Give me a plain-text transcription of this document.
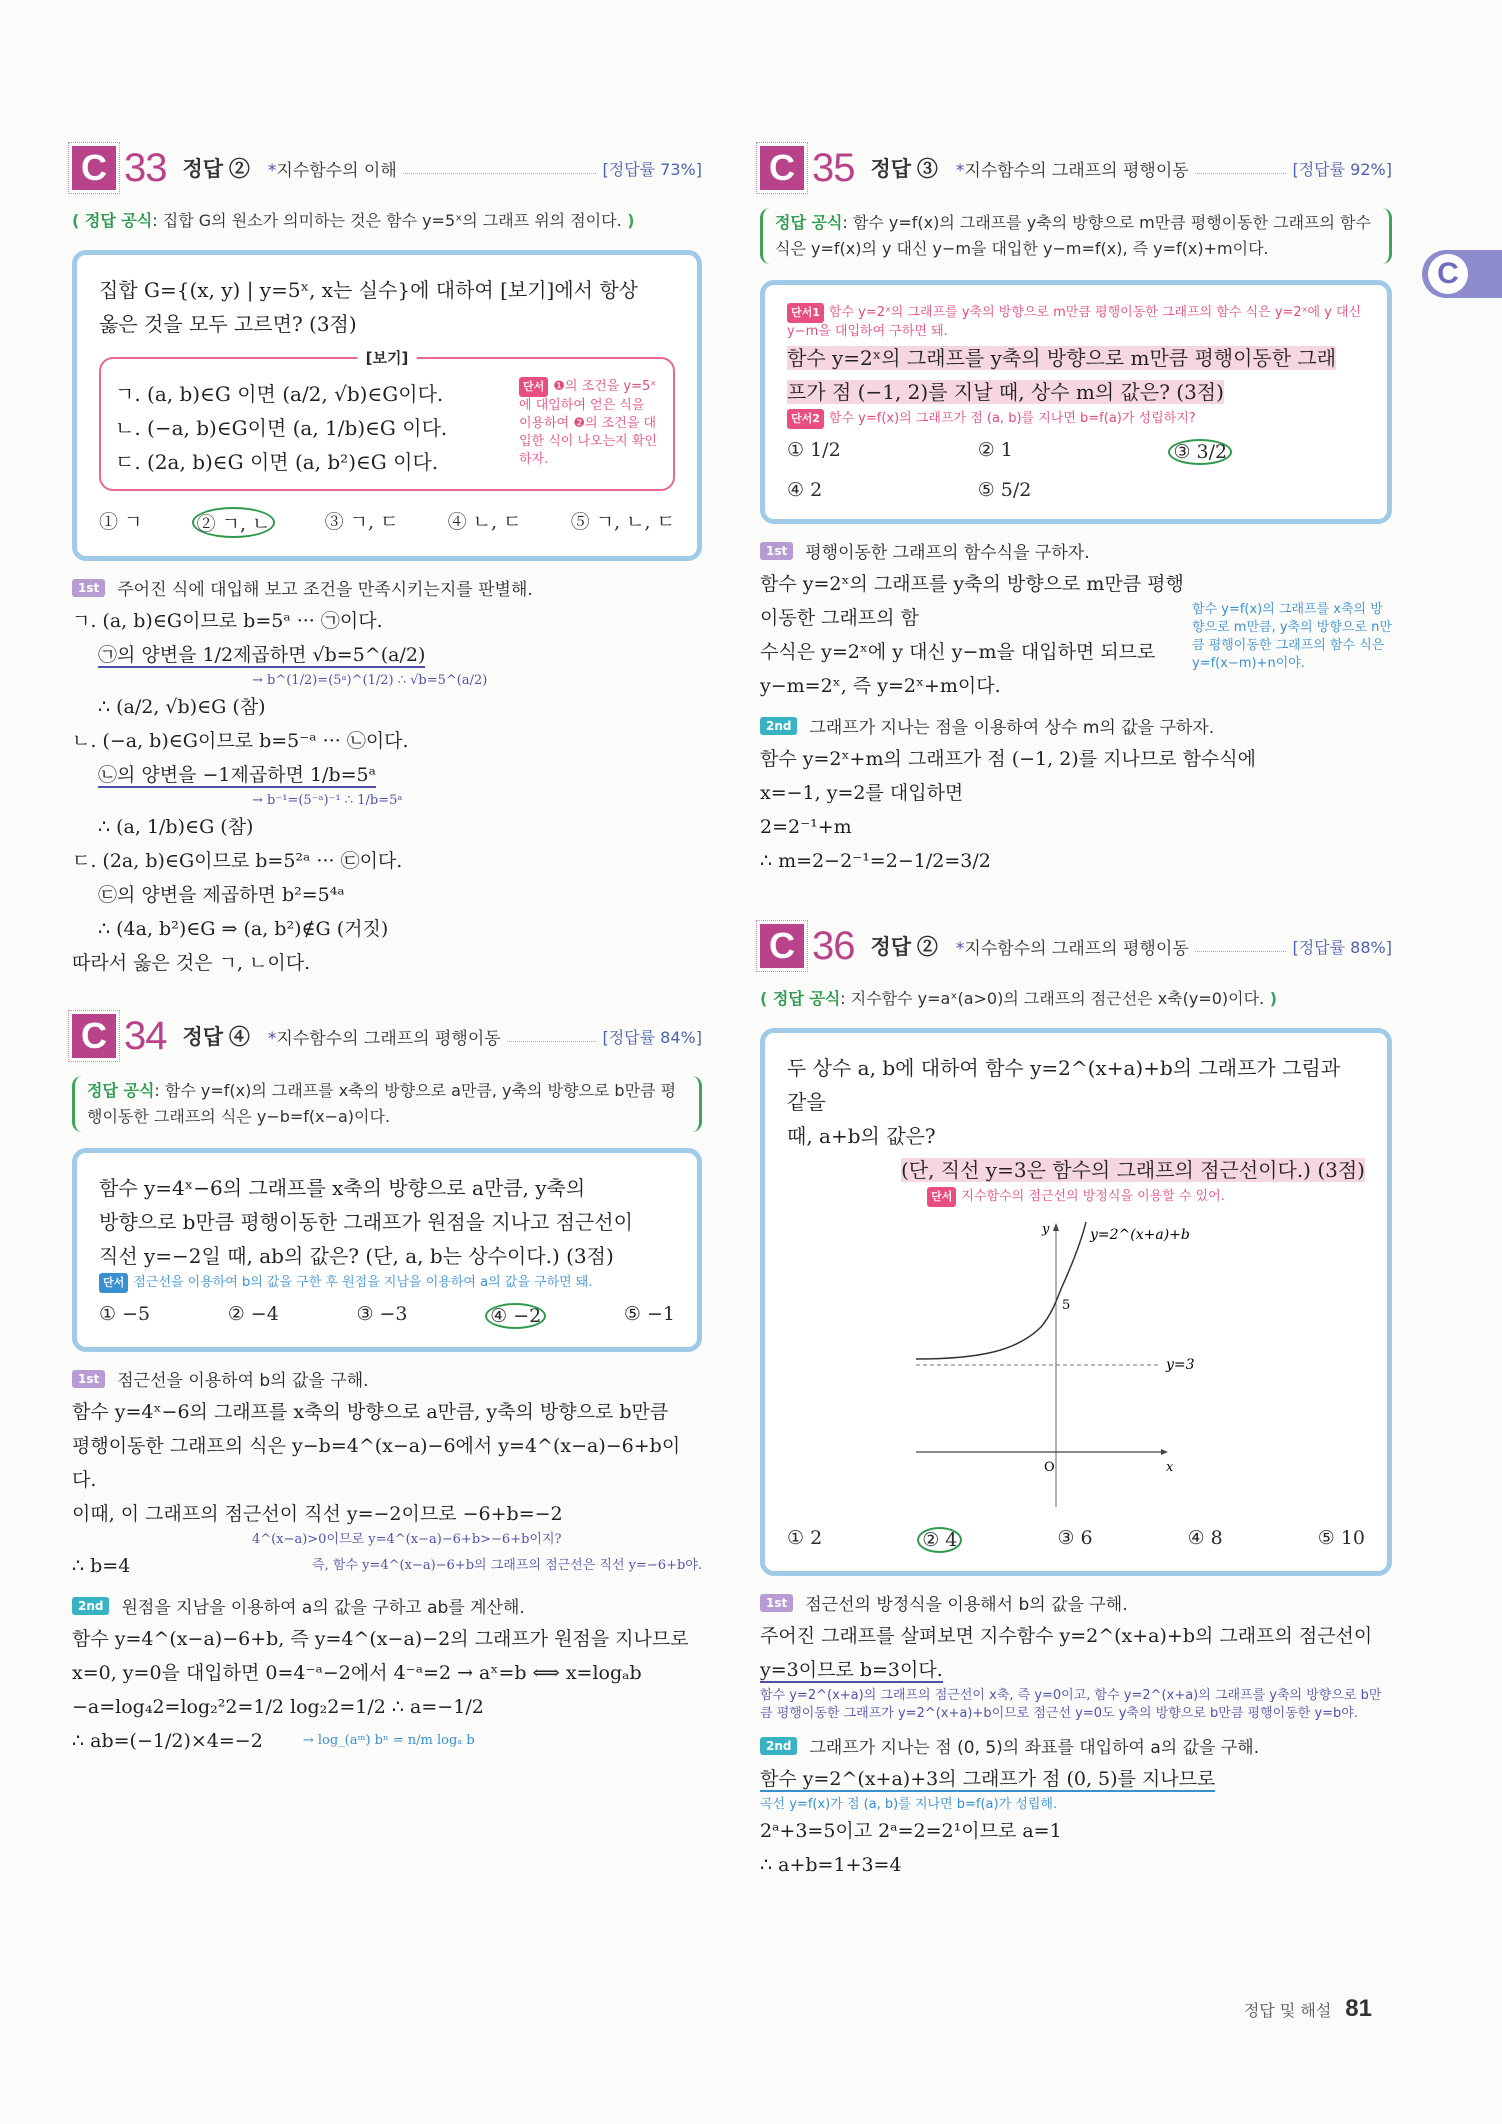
C
C 33 정답 ② *지수함수의 이해	[정답률 73%]
( 정답 공식: 집합 G의 원소가 의미하는 것은 함수 y=5ˣ의 그래프 위의 점이다. )
집합 G={(x, y) | y=5ˣ, x는 실수}에 대하여 [보기]에서 항상
옳은 것을 모두 고르면? (3점)
[보기]
ㄱ. (a, b)∈G 이면 (a/2, √b)∈G이다.
ㄴ. (−a, b)∈G이면 (a, 1/b)∈G 이다.
ㄷ. (2a, b)∈G 이면 (a, b²)∈G 이다.
단서 ❶의 조건을 y=5ˣ에 대입하여 얻은 식을 이용하여 ❷의 조건을 대입한 식이 나오는지 확인하자.
① ㄱ	② ㄱ, ㄴ	③ ㄱ, ㄷ	④ ㄴ, ㄷ	⑤ ㄱ, ㄴ, ㄷ
1st	주어진 식에 대입해 보고 조건을 만족시키는지를 판별해.
ㄱ. (a, b)∈G이므로 b=5ᵃ ··· ㉠이다.
㉠의 양변을 1/2제곱하면 √b=5^(a/2)
→ b^(1/2)=(5ᵃ)^(1/2) ∴ √b=5^(a/2)
∴ (a/2, √b)∈G (참)
ㄴ. (−a, b)∈G이므로 b=5⁻ᵃ ··· ㉡이다.
㉡의 양변을 −1제곱하면 1/b=5ᵃ
→ b⁻¹=(5⁻ᵃ)⁻¹ ∴ 1/b=5ᵃ
∴ (a, 1/b)∈G (참)
ㄷ. (2a, b)∈G이므로 b=5²ᵃ ··· ㉢이다.
㉢의 양변을 제곱하면 b²=5⁴ᵃ
∴ (4a, b²)∈G ⇒ (a, b²)∉G (거짓)
따라서 옳은 것은 ㄱ, ㄴ이다.
C 34 정답 ④ *지수함수의 그래프의 평행이동	[정답률 84%]
정답 공식: 함수 y=f(x)의 그래프를 x축의 방향으로 a만큼, y축의 방향으로 b만큼 평행이동한 그래프의 식은 y−b=f(x−a)이다.
함수 y=4ˣ−6의 그래프를 x축의 방향으로 a만큼, y축의
방향으로 b만큼 평행이동한 그래프가 원점을 지나고 점근선이
직선 y=−2일 때, ab의 값은? (단, a, b는 상수이다.) (3점)
단서 점근선을 이용하여 b의 값을 구한 후 원점을 지남을 이용하여 a의 값을 구하면 돼.
① −5	② −4	③ −3	④ −2	⑤ −1
1st	점근선을 이용하여 b의 값을 구해.
함수 y=4ˣ−6의 그래프를 x축의 방향으로 a만큼, y축의 방향으로 b만큼
평행이동한 그래프의 식은 y−b=4^(x−a)−6에서 y=4^(x−a)−6+b이다.
이때, 이 그래프의 점근선이 직선 y=−2이므로 −6+b=−2
4^(x−a)>0이므로 y=4^(x−a)−6+b>−6+b이지?
∴ b=4	즉, 함수 y=4^(x−a)−6+b의 그래프의 점근선은 직선 y=−6+b야.
2nd	원점을 지남을 이용하여 a의 값을 구하고 ab를 계산해.
함수 y=4^(x−a)−6+b, 즉 y=4^(x−a)−2의 그래프가 원점을 지나므로
x=0, y=0을 대입하면 0=4⁻ᵃ−2에서 4⁻ᵃ=2 → aˣ=b ⟺ x=logₐb
−a=log₄2=log₂²2=1/2 log₂2=1/2 ∴ a=−1/2
∴ ab=(−1/2)×4=−2	→ log_(aᵐ) bⁿ = n/m logₐ b
C 35 정답 ③ *지수함수의 그래프의 평행이동	[정답률 92%]
정답 공식: 함수 y=f(x)의 그래프를 y축의 방향으로 m만큼 평행이동한 그래프의 함수식은 y=f(x)의 y 대신 y−m을 대입한 y−m=f(x), 즉 y=f(x)+m이다.
단서1 함수 y=2ˣ의 그래프를 y축의 방향으로 m만큼 평행이동한 그래프의 함수 식은 y=2ˣ에 y 대신 y−m을 대입하여 구하면 돼.
함수 y=2ˣ의 그래프를 y축의 방향으로 m만큼 평행이동한 그래
프가 점 (−1, 2)를 지날 때, 상수 m의 값은? (3점)
단서2 함수 y=f(x)의 그래프가 점 (a, b)를 지나면 b=f(a)가 성립하지?
① 1/2	② 1	③ 3/2
④ 2	⑤ 5/2
1st	평행이동한 그래프의 함수식을 구하자.
함수 y=2ˣ의 그래프를 y축의 방향으로 m만큼 평행이동한 그래프의 함
수식은 y=2ˣ에 y 대신 y−m을 대입하면 되므로
y−m=2ˣ, 즉 y=2ˣ+m이다.
함수 y=f(x)의 그래프를 x축의 방향으로 m만큼, y축의 방향으로 n만큼 평행이동한 그래프의 함수 식은 y=f(x−m)+n이야.
2nd	그래프가 지나는 점을 이용하여 상수 m의 값을 구하자.
함수 y=2ˣ+m의 그래프가 점 (−1, 2)를 지나므로 함수식에
x=−1, y=2를 대입하면
2=2⁻¹+m
∴ m=2−2⁻¹=2−1/2=3/2
C 36 정답 ② *지수함수의 그래프의 평행이동	[정답률 88%]
( 정답 공식: 지수함수 y=aˣ(a>0)의 그래프의 점근선은 x축(y=0)이다. )
두 상수 a, b에 대하여 함수 y=2^(x+a)+b의 그래프가 그림과 같을
때, a+b의 값은?
(단, 직선 y=3은 함수의 그래프의 점근선이다.) (3점)
단서 지수함수의 점근선의 방정식을 이용할 수 있어.
y=2^(x+a)+b
y
x
O
5
y=3
① 2	② 4	③ 6	④ 8	⑤ 10
1st	점근선의 방정식을 이용해서 b의 값을 구해.
주어진 그래프를 살펴보면 지수함수 y=2^(x+a)+b의 그래프의 점근선이
y=3이므로 b=3이다.
함수 y=2^(x+a)의 그래프의 점근선이 x축, 즉 y=0이고, 함수 y=2^(x+a)의 그래프를 y축의 방향으로 b만큼 평행이동한 그래프가 y=2^(x+a)+b이므로 점근선 y=0도 y축의 방향으로 b만큼 평행이동한 y=b야.
2nd	그래프가 지나는 점 (0, 5)의 좌표를 대입하여 a의 값을 구해.
함수 y=2^(x+a)+3의 그래프가 점 (0, 5)를 지나므로
곡선 y=f(x)가 점 (a, b)를 지나면 b=f(a)가 성립해.
2ᵃ+3=5이고 2ᵃ=2=2¹이므로 a=1
∴ a+b=1+3=4
정답 및 해설 81
